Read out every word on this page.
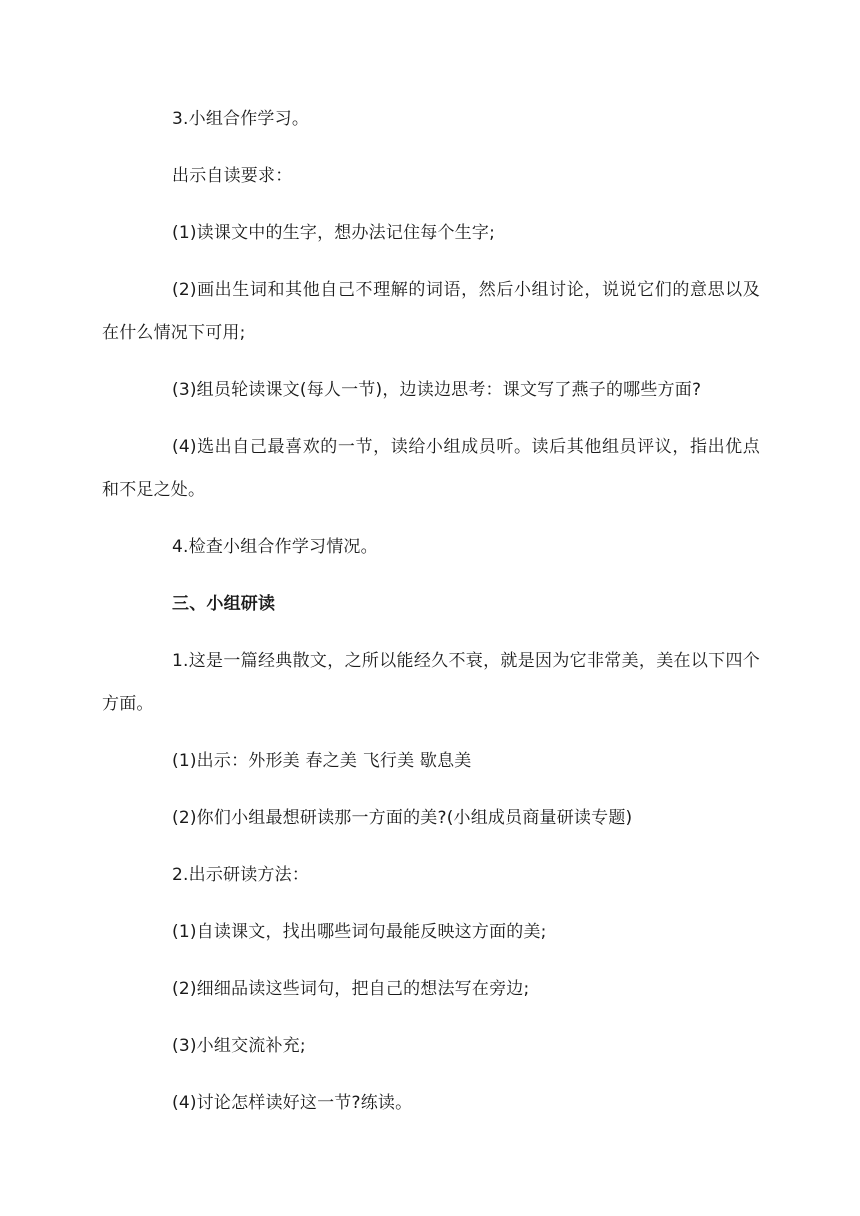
3.小组合作学习。

出示自读要求：

(1)读课文中的生字，想办法记住每个生字;

(2)画出生词和其他自己不理解的词语，然后小组讨论，说说它们的意思以及在什么情况下可用;

(3)组员轮读课文(每人一节)，边读边思考：课文写了燕子的哪些方面?

(4)选出自己最喜欢的一节，读给小组成员听。读后其他组员评议，指出优点和不足之处。

4.检查小组合作学习情况。

三、小组研读

1.这是一篇经典散文，之所以能经久不衰，就是因为它非常美，美在以下四个方面。

(1)出示：外形美 春之美 飞行美 歇息美

(2)你们小组最想研读那一方面的美?(小组成员商量研读专题)

2.出示研读方法：

(1)自读课文，找出哪些词句最能反映这方面的美;

(2)细细品读这些词句，把自己的想法写在旁边;

(3)小组交流补充;

(4)讨论怎样读好这一节?练读。
